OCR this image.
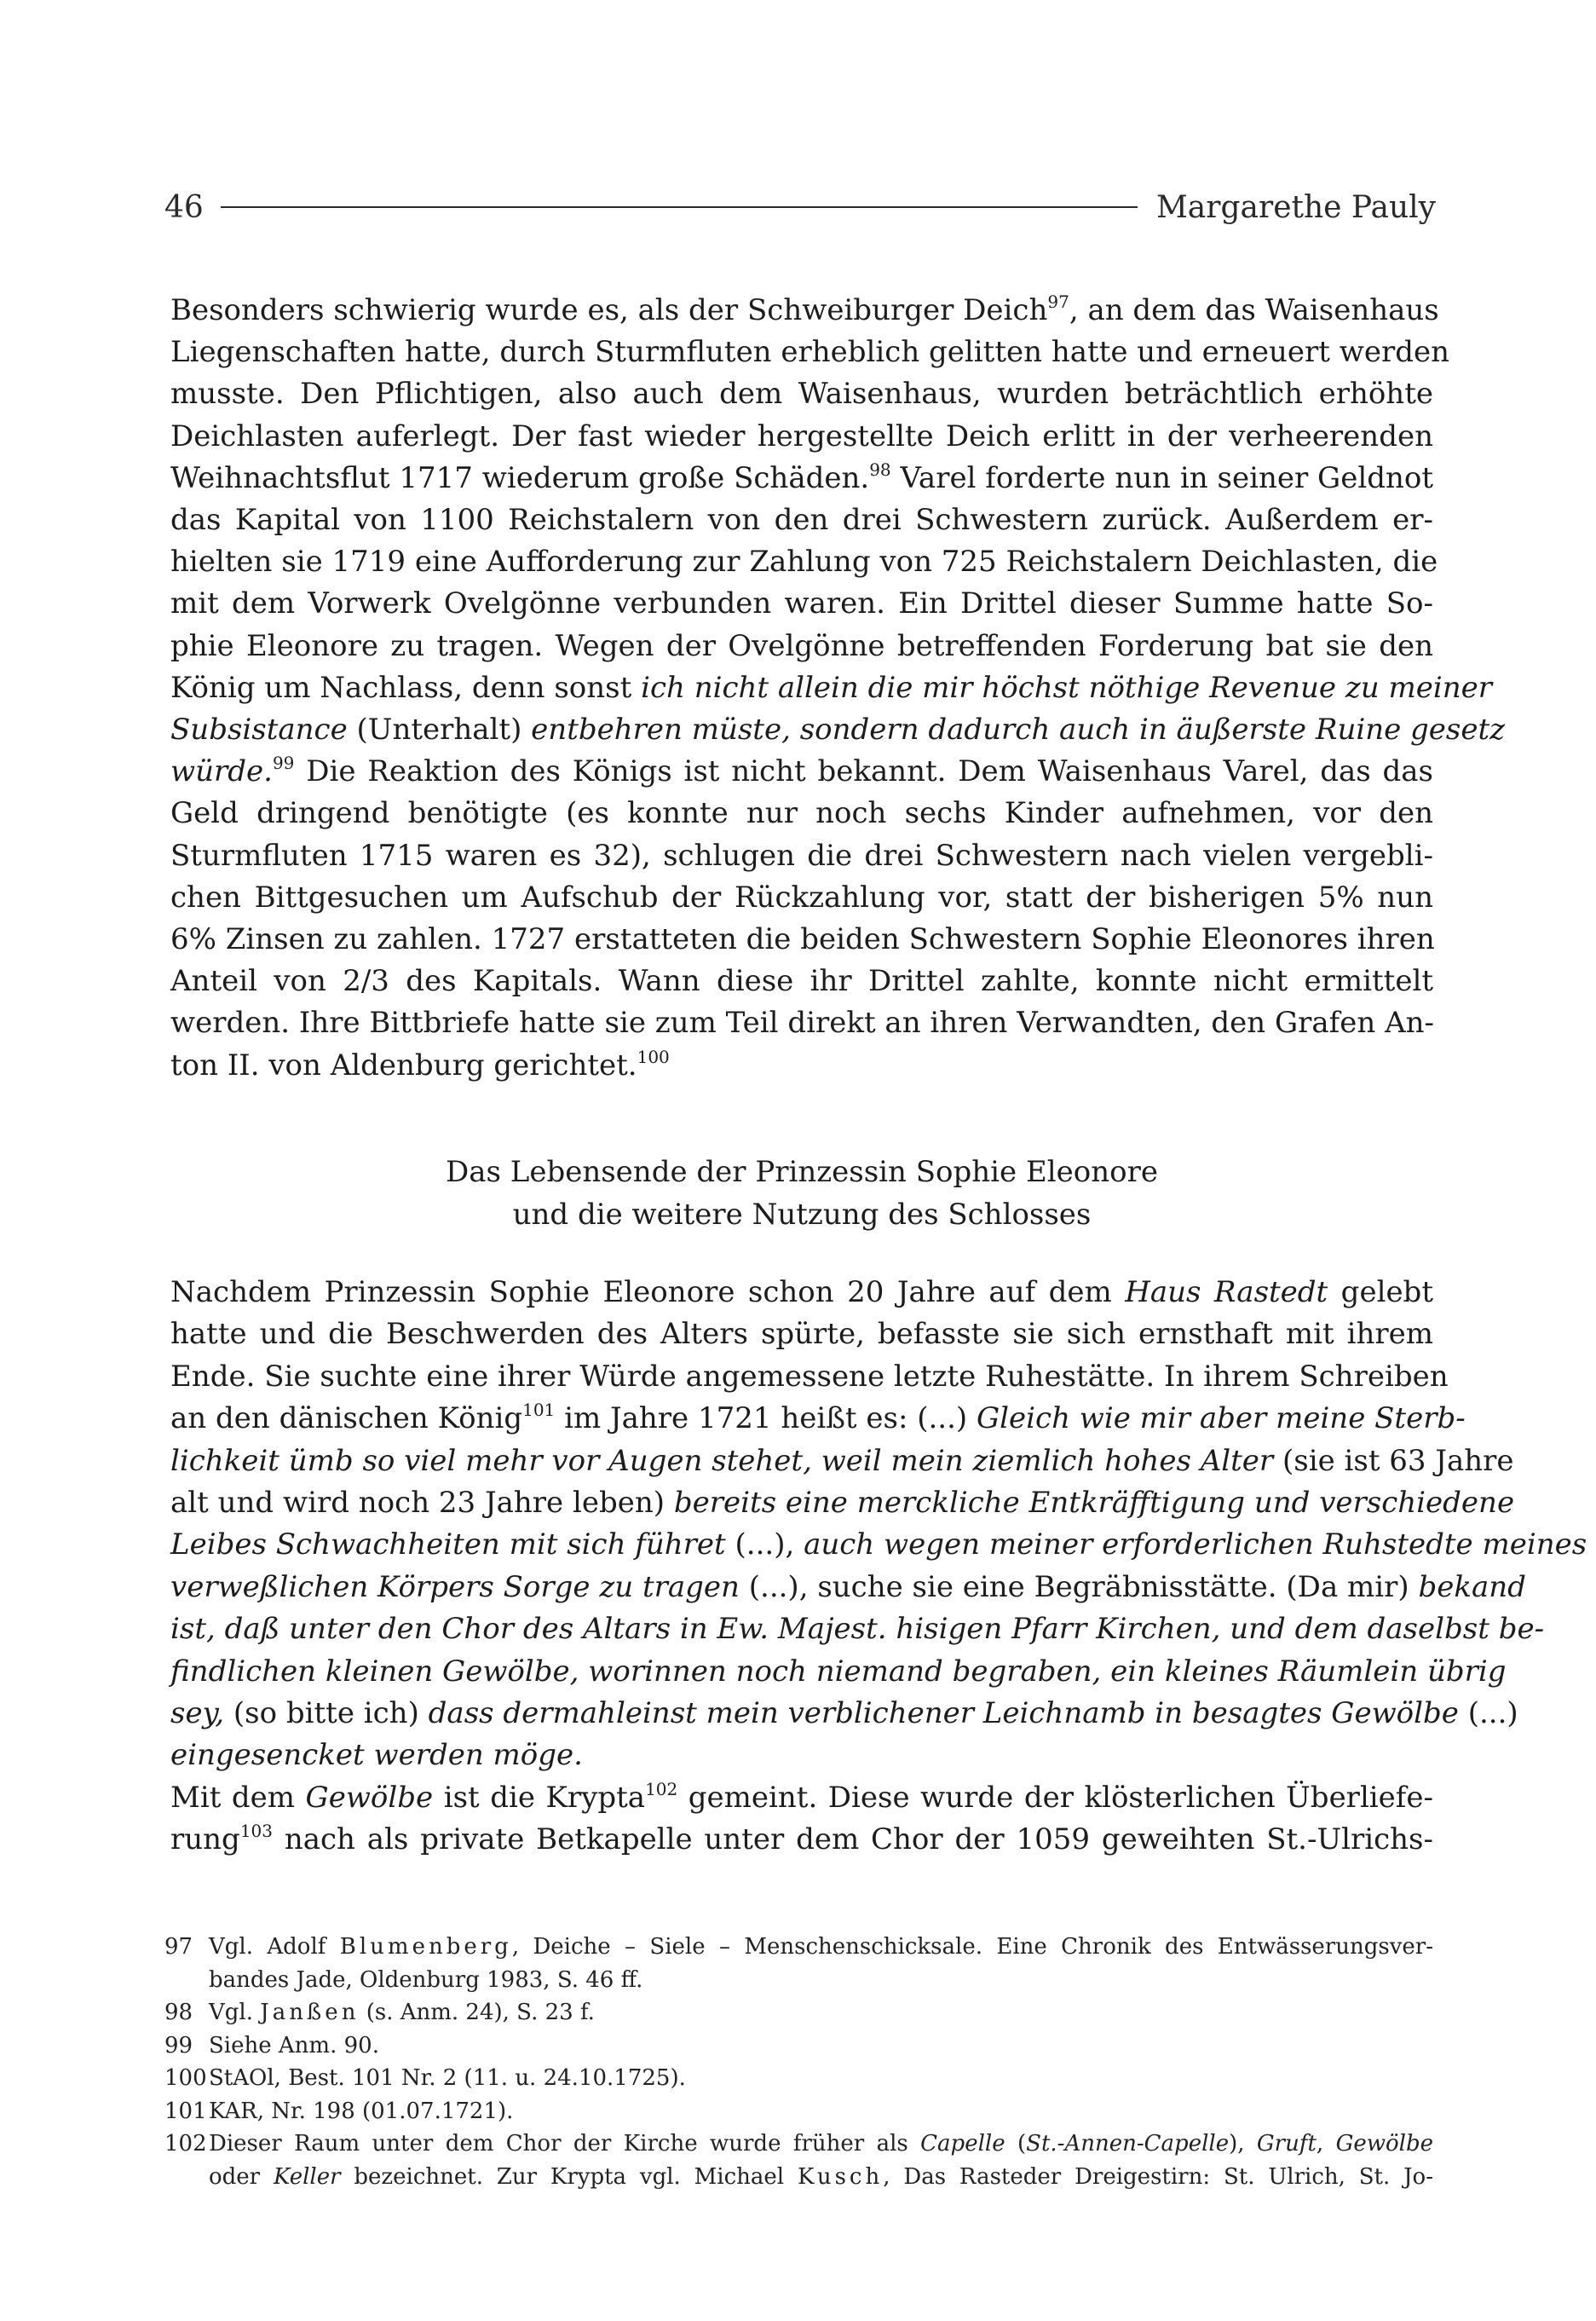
46	Margarethe Pauly
Besonders schwierig wurde es, als der Schweiburger Deich$^{97}$, an dem das Waisenhaus
Liegenschaften hatte, durch Sturmfluten erheblich gelitten hatte und erneuert werden
musste. Den Pflichtigen, also auch dem Waisenhaus, wurden beträchtlich erhöhte
Deichlasten auferlegt. Der fast wieder hergestellte Deich erlitt in der verheerenden
Weihnachtsflut 1717 wiederum große Schäden.$^{98}$ Varel forderte nun in seiner Geldnot
das Kapital von 1100 Reichstalern von den drei Schwestern zurück. Außerdem er-
hielten sie 1719 eine Aufforderung zur Zahlung von 725 Reichstalern Deichlasten, die
mit dem Vorwerk Ovelgönne verbunden waren. Ein Drittel dieser Summe hatte So-
phie Eleonore zu tragen. Wegen der Ovelgönne betreffenden Forderung bat sie den
König um Nachlass, denn sonst ich nicht allein die mir höchst nöthige Revenue zu meiner
Subsistance (Unterhalt) entbehren müste, sondern dadurch auch in äußerste Ruine gesetz
würde.$^{99}$ Die Reaktion des Königs ist nicht bekannt. Dem Waisenhaus Varel, das das
Geld dringend benötigte (es konnte nur noch sechs Kinder aufnehmen, vor den
Sturmfluten 1715 waren es 32), schlugen die drei Schwestern nach vielen vergebli-
chen Bittgesuchen um Aufschub der Rückzahlung vor, statt der bisherigen 5% nun
6% Zinsen zu zahlen. 1727 erstatteten die beiden Schwestern Sophie Eleonores ihren
Anteil von 2/3 des Kapitals. Wann diese ihr Drittel zahlte, konnte nicht ermittelt
werden. Ihre Bittbriefe hatte sie zum Teil direkt an ihren Verwandten, den Grafen An-
ton II. von Aldenburg gerichtet.$^{100}$
Das Lebensende der Prinzessin Sophie Eleonore
und die weitere Nutzung des Schlosses
Nachdem Prinzessin Sophie Eleonore schon 20 Jahre auf dem Haus Rastedt gelebt
hatte und die Beschwerden des Alters spürte, befasste sie sich ernsthaft mit ihrem
Ende. Sie suchte eine ihrer Würde angemessene letzte Ruhestätte. In ihrem Schreiben
an den dänischen König$^{101}$ im Jahre 1721 heißt es: (...) Gleich wie mir aber meine Sterb-
lichkeit ümb so viel mehr vor Augen stehet, weil mein ziemlich hohes Alter (sie ist 63 Jahre
alt und wird noch 23 Jahre leben) bereits eine merckliche Entkräfftigung und verschiedene
Leibes Schwachheiten mit sich führet (...), auch wegen meiner erforderlichen Ruhstedte meines
verweßlichen Körpers Sorge zu tragen (...), suche sie eine Begräbnisstätte. (Da mir) bekand
ist, daß unter den Chor des Altars in Ew. Majest. hisigen Pfarr Kirchen, und dem daselbst be-
findlichen kleinen Gewölbe, worinnen noch niemand begraben, ein kleines Räumlein übrig
sey, (so bitte ich) dass dermahleinst mein verblichener Leichnamb in besagtes Gewölbe (...)
eingesencket werden möge.
Mit dem Gewölbe ist die Krypta$^{102}$ gemeint. Diese wurde der klösterlichen Überliefe-
rung$^{103}$ nach als private Betkapelle unter dem Chor der 1059 geweihten St.-Ulrichs-
97 Vgl. Adolf Blumenberg, Deiche – Siele – Menschenschicksale. Eine Chronik des Entwässerungsver-
bandes Jade, Oldenburg 1983, S. 46 ff.
98 Vgl. Janßen (s. Anm. 24), S. 23 f.
99 Siehe Anm. 90.
100 StAOl, Best. 101 Nr. 2 (11. u. 24.10.1725).
101 KAR, Nr. 198 (01.07.1721).
102 Dieser Raum unter dem Chor der Kirche wurde früher als Capelle (St.-Annen-Capelle), Gruft, Gewölbe
oder Keller bezeichnet. Zur Krypta vgl. Michael Kusch, Das Rasteder Dreigestirn: St. Ulrich, St. Jo-
